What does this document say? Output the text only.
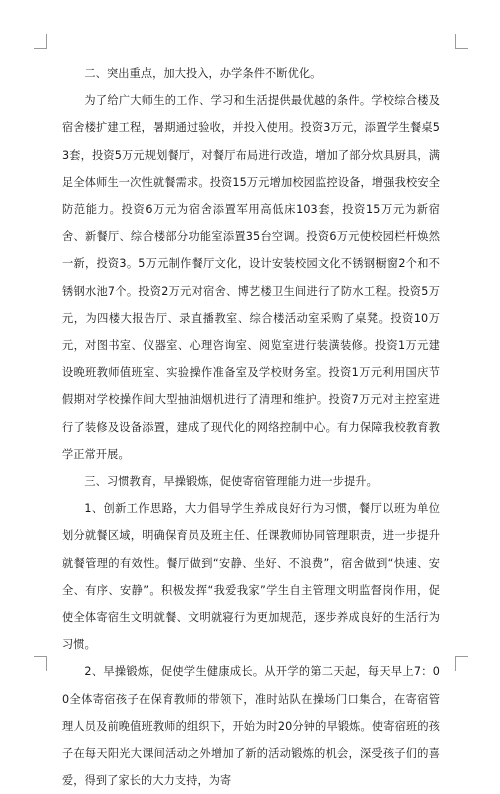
二、突出重点，加大投入，办学条件不断优化。

为了给广大师生的工作、学习和生活提供最优越的条件。学校综合楼及宿舍楼扩建工程，暑期通过验收，并投入使用。投资3万元，添置学生餐桌53套，投资5万元规划餐厅，对餐厅布局进行改造，增加了部分炊具厨具，满足全体师生一次性就餐需求。投资15万元增加校园监控设备，增强我校安全防范能力。投资6万元为宿舍添置军用高低床103套，投资15万元为新宿舍、新餐厅、综合楼部分功能室添置35台空调。投资6万元使校园栏杆焕然一新，投资3。5万元制作餐厅文化，设计安装校园文化不锈钢橱窗2个和不锈钢水池7个。投资2万元对宿舍、博艺楼卫生间进行了防水工程。投资5万元，为四楼大报告厅、录直播教室、综合楼活动室采购了桌凳。投资10万元，对图书室、仪器室、心理咨询室、阅览室进行装潢装修。投资1万元建设晚班教师值班室、实验操作准备室及学校财务室。投资1万元利用国庆节假期对学校操作间大型抽油烟机进行了清理和维护。投资7万元对主控室进行了装修及设备添置，建成了现代化的网络控制中心。有力保障我校教育教学正常开展。

三、习惯教育，早操锻炼，促使寄宿管理能力进一步提升。

1、创新工作思路，大力倡导学生养成良好行为习惯，餐厅以班为单位划分就餐区域，明确保育员及班主任、任课教师协同管理职责，进一步提升就餐管理的有效性。餐厅做到“安静、坐好、不浪费”，宿舍做到“快速、安全、有序、安静”。积极发挥“我爱我家”学生自主管理文明监督岗作用，促使全体寄宿生文明就餐、文明就寝行为更加规范，逐步养成良好的生活行为习惯。

2、早操锻炼，促使学生健康成长。从开学的第二天起，每天早上7：00全体寄宿孩子在保育教师的带领下，准时站队在操场门口集合，在寄宿管理人员及前晚值班教师的组织下，开始为时20分钟的早锻炼。使寄宿班的孩子在每天阳光大课间活动之外增加了新的活动锻炼的机会，深受孩子们的喜爱，得到了家长的大力支持，为寄
